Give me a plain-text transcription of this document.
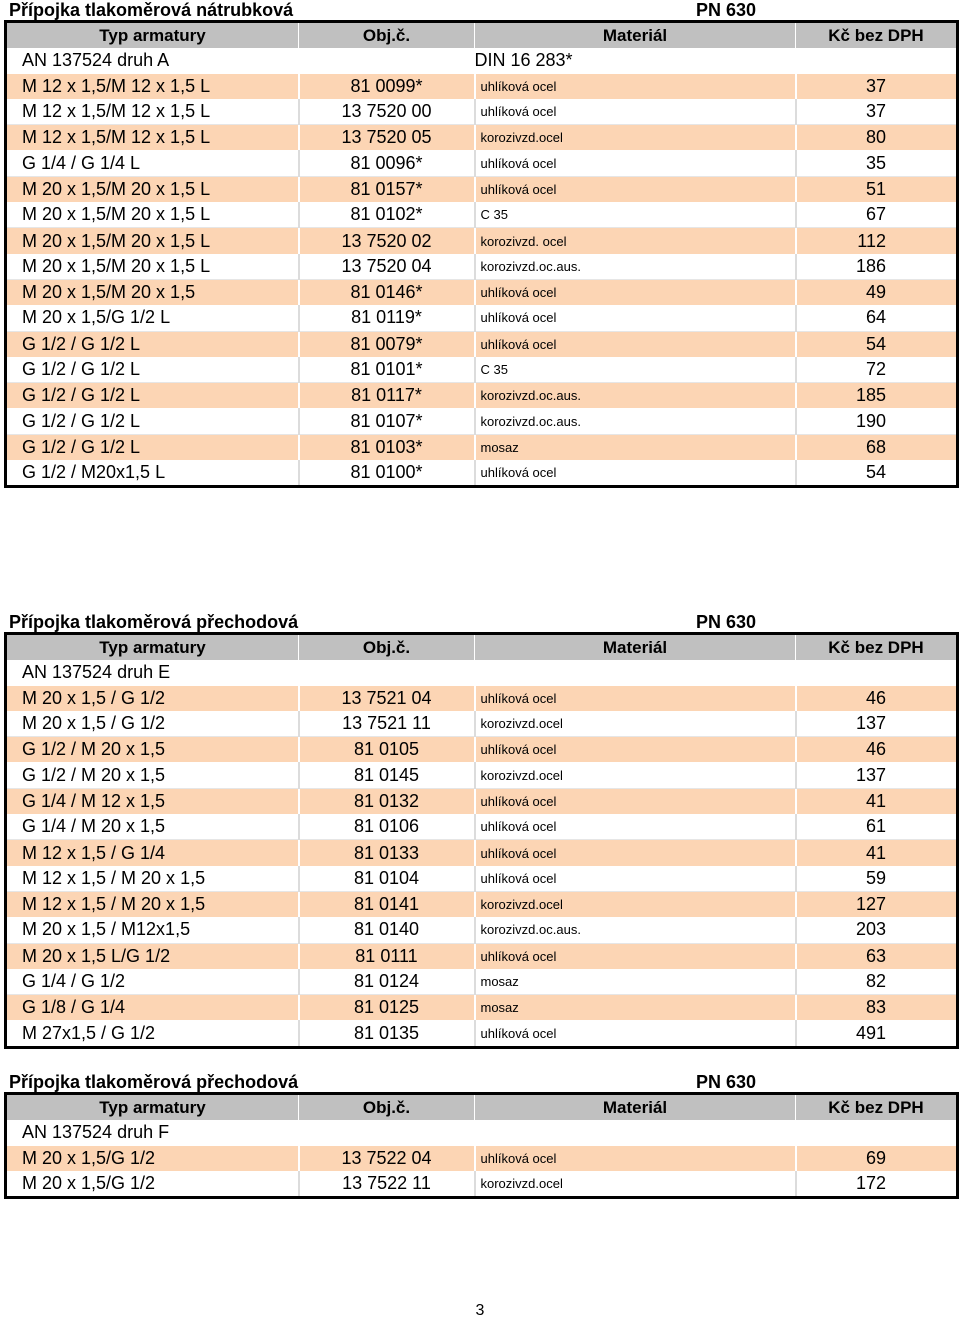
Přípojka tlakoměrová nátrubková	PN 630
Typ armatury	Obj.č.	Materiál	Kč bez DPH
AN 137524 druh A		DIN 16 283*	
M 12 x 1,5/M 12 x 1,5 L	81 0099*	uhlíková ocel	37
M 12 x 1,5/M 12 x 1,5 L	13 7520 00	uhlíková ocel	37
M 12 x 1,5/M 12 x 1,5 L	13 7520 05	korozivzd.ocel	80
G 1/4 / G 1/4 L	81 0096*	uhlíková ocel	35
M 20 x 1,5/M 20 x 1,5 L	81 0157*	uhlíková ocel	51
M 20 x 1,5/M 20 x 1,5 L	81 0102*	C 35	67
M 20 x 1,5/M 20 x 1,5 L	13 7520 02	korozivzd. ocel	112
M 20 x 1,5/M 20 x 1,5 L	13 7520 04	korozivzd.oc.aus.	186
M 20 x 1,5/M 20 x 1,5	81 0146*	uhlíková ocel	49
M 20 x 1,5/G 1/2 L	81 0119*	uhlíková ocel	64
G 1/2 / G 1/2 L	81 0079*	uhlíková ocel	54
G 1/2 / G 1/2 L	81 0101*	C 35	72
G 1/2 / G 1/2 L	81 0117*	korozivzd.oc.aus.	185
G 1/2 / G 1/2 L	81 0107*	korozivzd.oc.aus.	190
G 1/2 / G 1/2 L	81 0103*	mosaz	68
G 1/2 / M20x1,5 L	81 0100*	uhlíková ocel	54
Přípojka tlakoměrová přechodová	PN 630
Typ armatury	Obj.č.	Materiál	Kč bez DPH
AN 137524 druh E			
M 20 x 1,5 / G 1/2	13 7521 04	uhlíková ocel	46
M 20 x 1,5 / G 1/2	13 7521 11	korozivzd.ocel	137
G 1/2 / M 20 x 1,5	81 0105	uhlíková ocel	46
G 1/2 / M 20 x 1,5	81 0145	korozivzd.ocel	137
G 1/4 / M 12 x 1,5	81 0132	uhlíková ocel	41
G 1/4 / M 20 x 1,5	81 0106	uhlíková ocel	61
M 12 x 1,5 / G 1/4	81 0133	uhlíková ocel	41
M 12 x 1,5 / M 20 x 1,5	81 0104	uhlíková ocel	59
M 12 x 1,5 / M 20 x 1,5	81 0141	korozivzd.ocel	127
M 20 x 1,5 / M12x1,5	81 0140	korozivzd.oc.aus.	203
M 20 x 1,5 L/G 1/2	81 0111	uhlíková ocel	63
G 1/4 / G 1/2	81 0124	mosaz	82
G 1/8 / G 1/4	81 0125	mosaz	83
M 27x1,5 / G 1/2	81 0135	uhlíková ocel	491
Přípojka tlakoměrová přechodová	PN 630
Typ armatury	Obj.č.	Materiál	Kč bez DPH
AN 137524 druh F			
M 20 x 1,5/G 1/2	13 7522 04	uhlíková ocel	69
M 20 x 1,5/G 1/2	13 7522 11	korozivzd.ocel	172
3
